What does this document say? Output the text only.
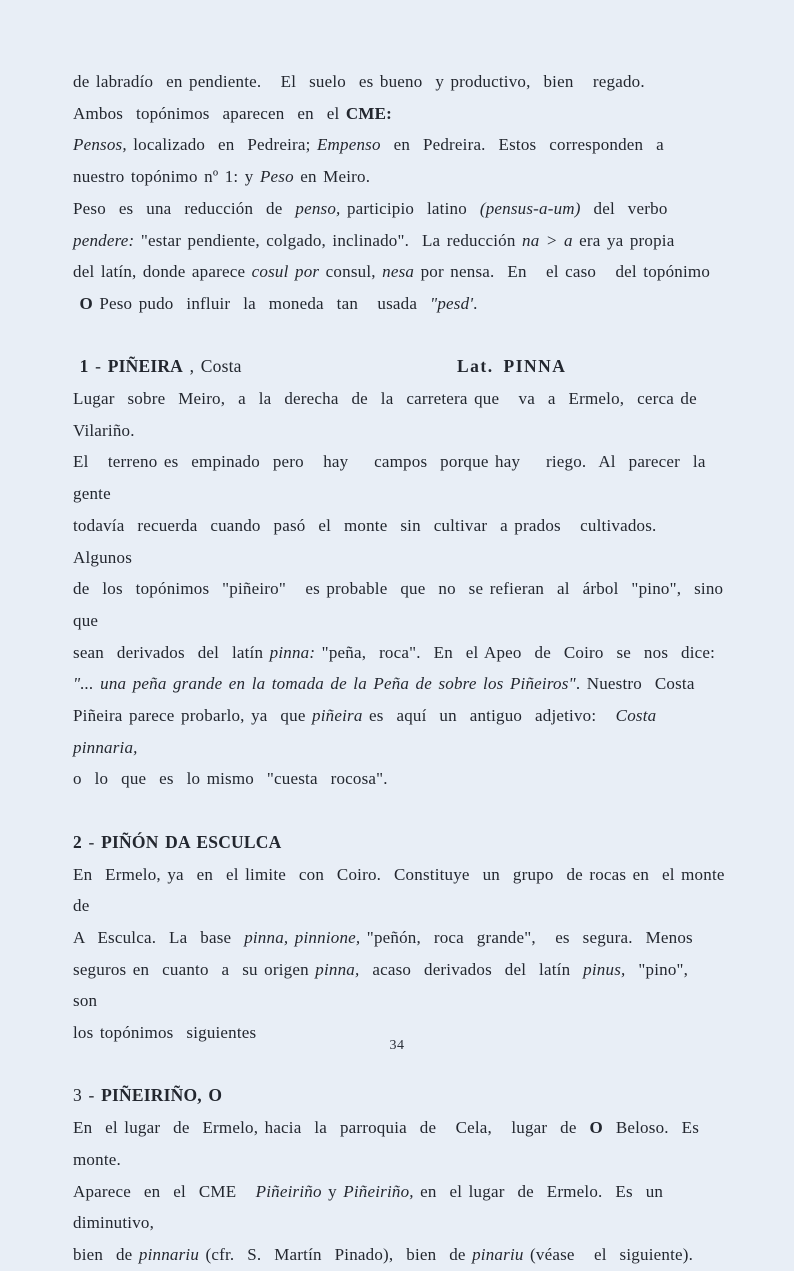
de labradío  en pendiente.   El  suelo  es bueno  y productivo,  bien   regado.
Ambos  topónimos  aparecen  en  el CME:
Pensos, localizado  en  Pedreira; Empenso  en  Pedreira.  Estos  corresponden  a
nuestro topónimo nº 1: y Peso en Meiro.
Peso  es  una  reducción  de  penso, participio  latino  (pensus-a-um)  del  verbo
pendere: "estar pendiente, colgado, inclinado".  La reducción na > a era ya propia
del latín, donde aparece cosul por consul, nesa por nensa.  En   el caso   del topónimo
O Peso pudo  influir  la  moneda  tan   usada  "pesd'.
1 - PIÑEIRA , Costa	Lat. PINNA
Lugar  sobre  Meiro,  a  la  derecha  de  la  carretera que   va  a  Ermelo,  cerca de  Vilariño.
El   terreno es  empinado  pero   hay    campos  porque hay    riego.  Al  parecer  la  gente
todavía  recuerda  cuando  pasó  el  monte  sin  cultivar  a prados   cultivados.  Algunos
de  los  topónimos  "piñeiro"   es probable  que  no  se refieran  al  árbol  "pino",  sino  que
sean  derivados  del  latín pinna: "peña,  roca".  En  el Apeo  de  Coiro  se  nos  dice:
"... una peña grande en la tomada de la Peña de sobre los Piñeiros". Nuestro  Costa
Piñeira parece probarlo, ya  que piñeira es  aquí  un  antiguo  adjetivo:   Costa pinnaria,
o  lo  que  es  lo mismo  "cuesta  rocosa".
2 - PIÑÓN DA ESCULCA
En  Ermelo, ya  en  el limite  con  Coiro.  Constituye  un  grupo  de rocas en  el monte  de
A  Esculca.  La  base  pinna, pinnione, "peñón,  roca  grande",   es  segura.  Menos
seguros en  cuanto  a  su origen pinna,  acaso  derivados  del  latín  pinus,  "pino",  son
los topónimos  siguientes
3 - PIÑEIRIÑO, O
En  el lugar  de  Ermelo, hacia  la  parroquia  de   Cela,   lugar  de  O  Beloso.  Es   monte.
Aparece  en  el  CME   Piñeiriño y Piñeiriño, en  el lugar  de  Ermelo.  Es  un  diminutivo,
bien  de pinnariu (cfr.  S.  Martín  Pinado),  bien  de pinariu (véase   el  siguiente).
34
